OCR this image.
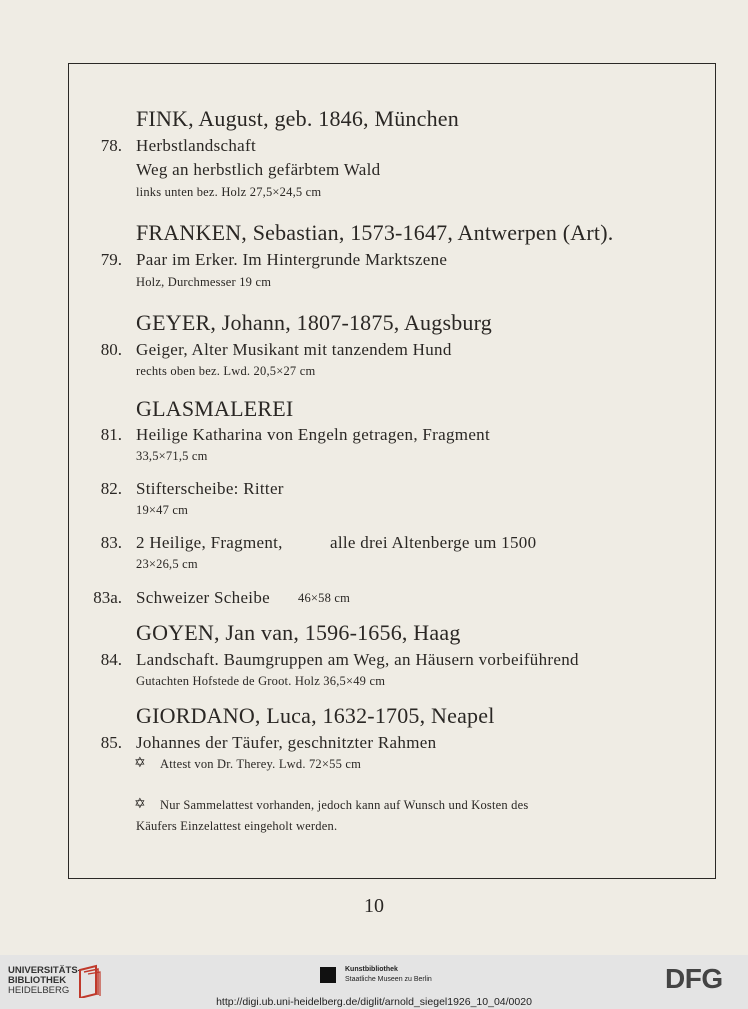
FINK, August, geb. 1846, München
78. Herbstlandschaft
Weg an herbstlich gefärbtem Wald
links unten bez. Holz 27,5×24,5 cm
FRANKEN, Sebastian, 1573-1647, Antwerpen (Art).
79. Paar im Erker. Im Hintergrunde Marktszene
Holz, Durchmesser 19 cm
GEYER, Johann, 1807-1875, Augsburg
80. Geiger, Alter Musikant mit tanzendem Hund
rechts oben bez. Lwd. 20,5×27 cm
GLASMALEREI
81. Heilige Katharina von Engeln getragen, Fragment
33,5×71,5 cm
82. Stifterscheibe: Ritter
19×47 cm
83. 2 Heilige, Fragment,	alle drei Altenberge um 1500
23×26,5 cm
83a. Schweizer Scheibe 46×58 cm
GOYEN, Jan van, 1596-1656, Haag
84. Landschaft. Baumgruppen am Weg, an Häusern vorbeiführend
Gutachten Hofstede de Groot. Holz 36,5×49 cm
GIORDANO, Luca, 1632-1705, Neapel
85. Johannes der Täufer, geschnitzter Rahmen
✡ Attest von Dr. Therey. Lwd. 72×55 cm
✡ Nur Sammelattest vorhanden, jedoch kann auf Wunsch und Kosten des
Käufers Einzelattest eingeholt werden.
10
UNIVERSITÄTS-
BIBLIOTHEK
HEIDELBERG
Kunstbibliothek
Staatliche Museen zu Berlin	DFG
http://digi.ub.uni-heidelberg.de/diglit/arnold_siegel1926_10_04/0020
